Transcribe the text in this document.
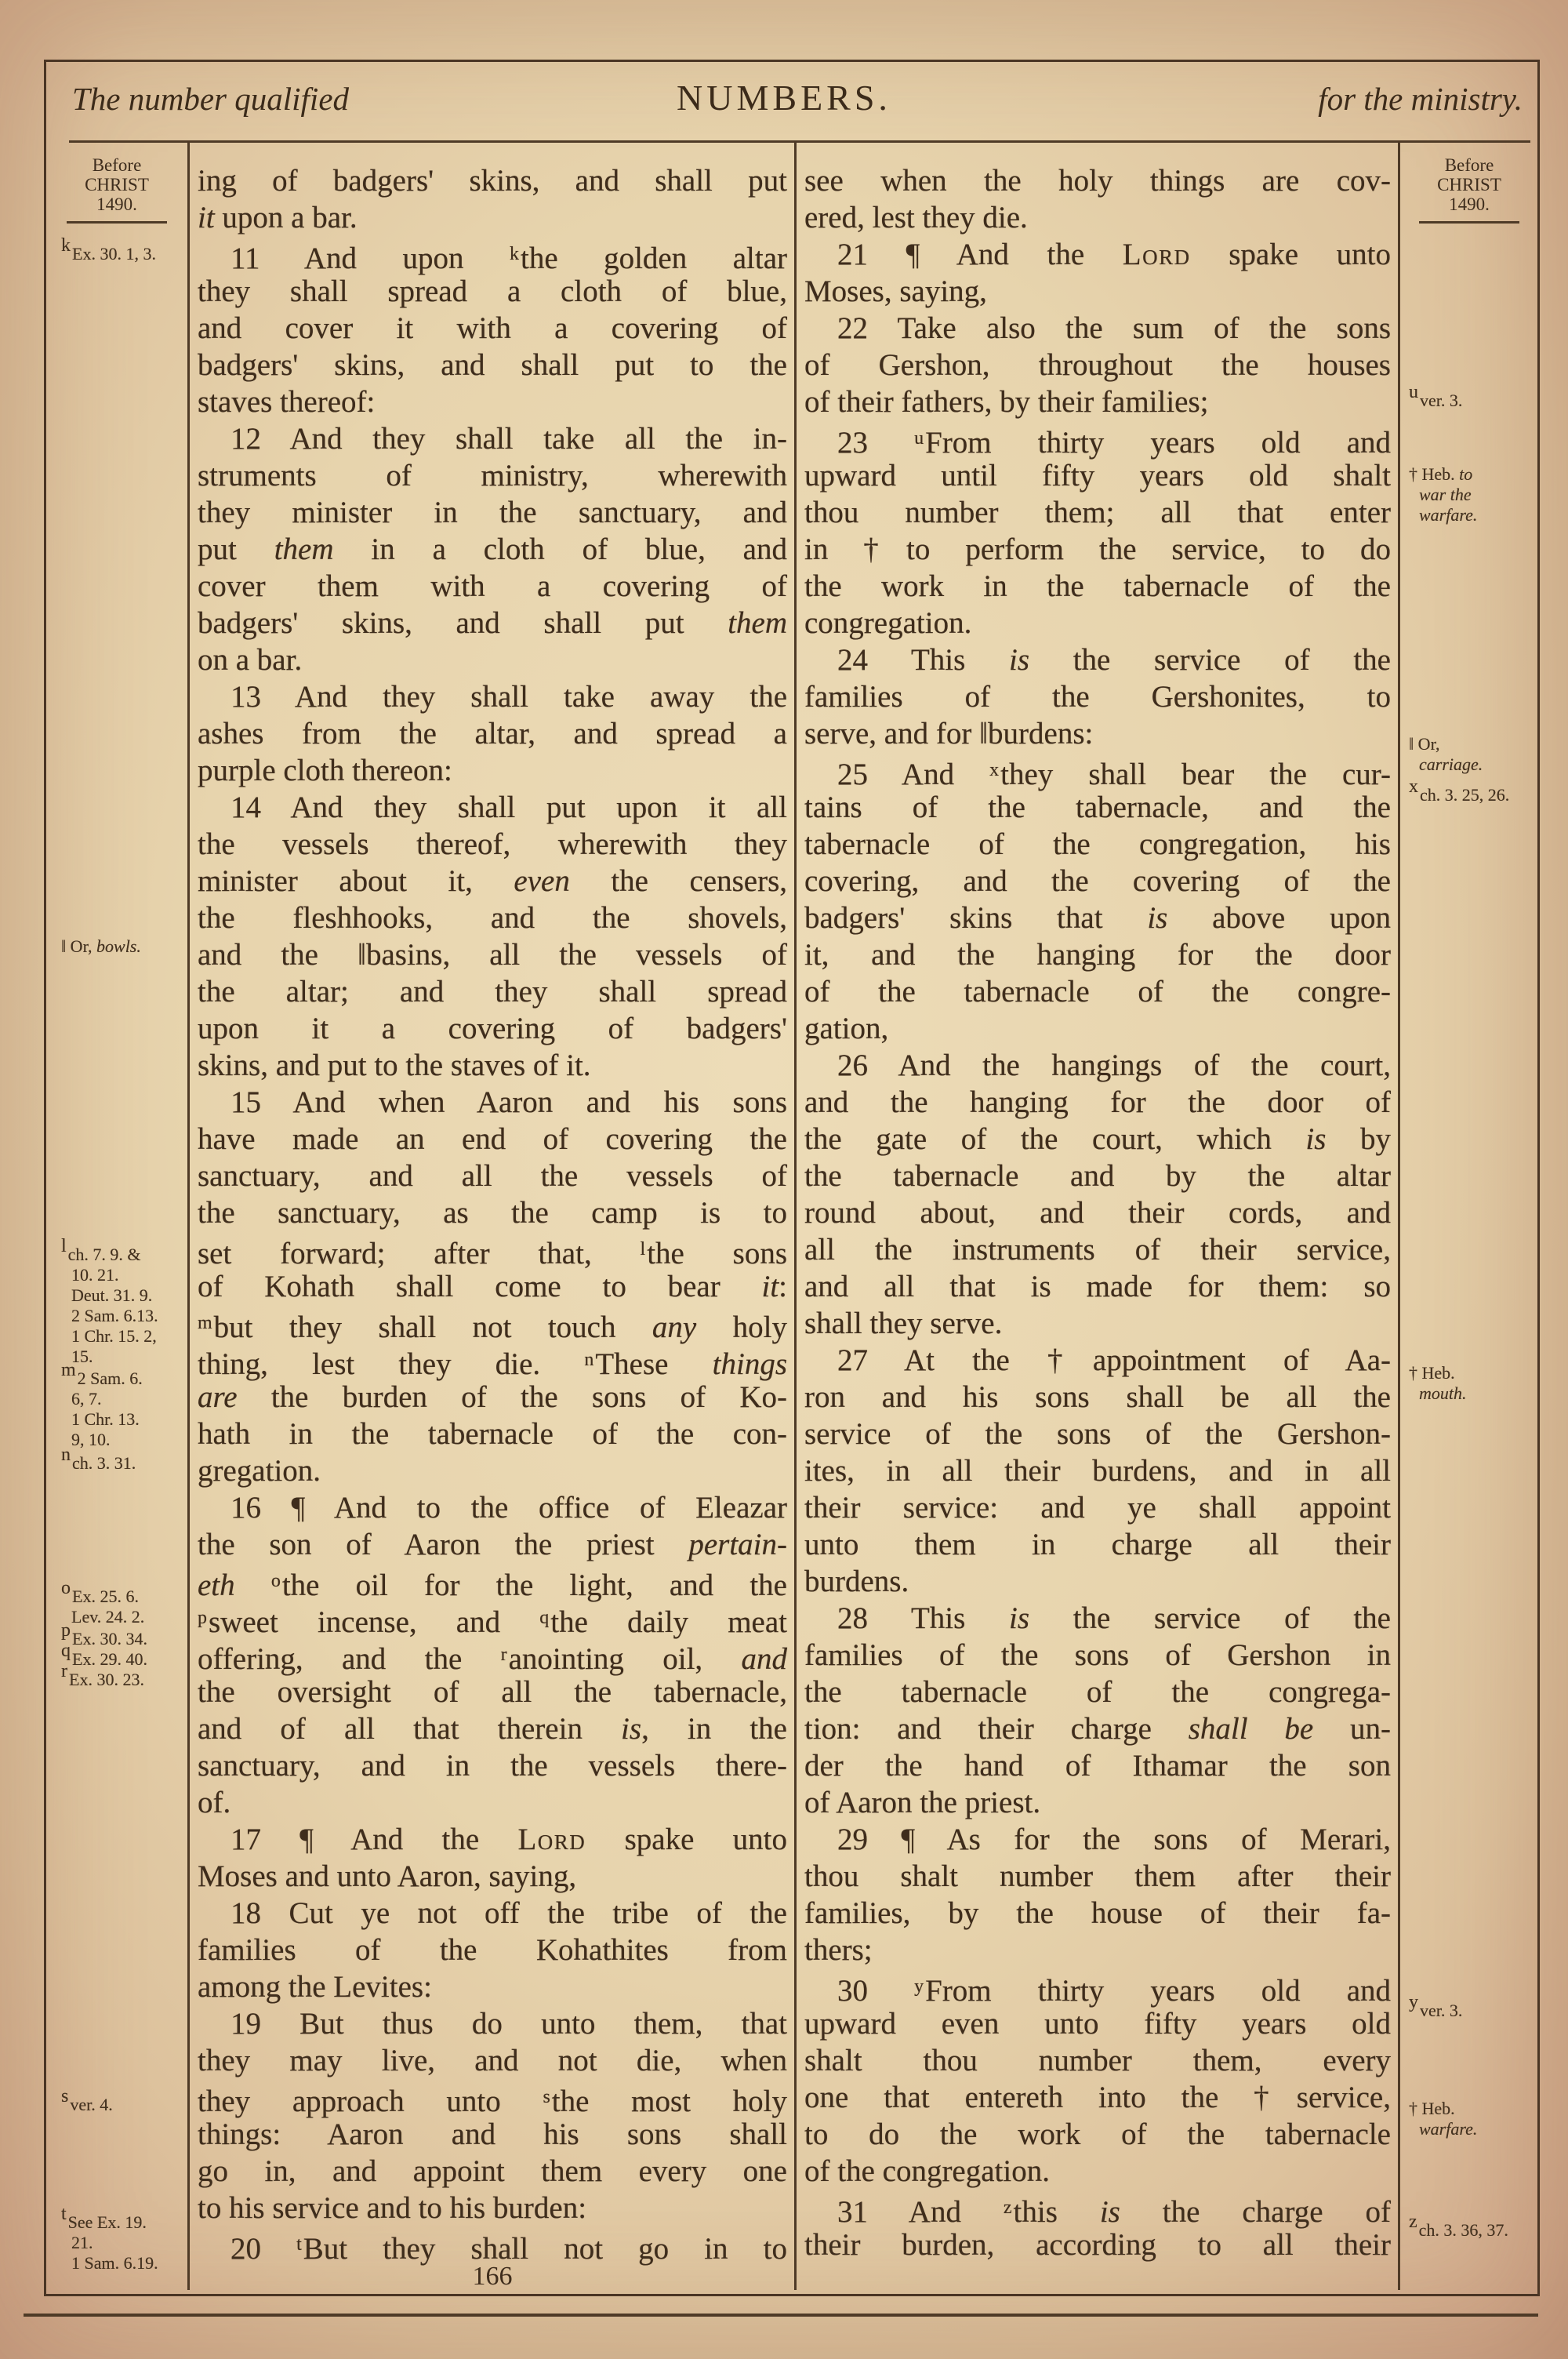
The number qualified	NUMBERS.	for the ministry.
Before
CHRIST
1490.
Before
CHRIST
1490.
ing of badgers' skins, and shall put
it upon a bar.
11 And upon $^k$the golden altar
they shall spread a cloth of blue,
and cover it with a covering of
badgers' skins, and shall put to the
staves thereof:
12 And they shall take all the in-
struments of ministry, wherewith
they minister in the sanctuary, and
put them in a cloth of blue, and
cover them with a covering of
badgers' skins, and shall put them
on a bar.
13 And they shall take away the
ashes from the altar, and spread a
purple cloth thereon:
14 And they shall put upon it all
the vessels thereof, wherewith they
minister about it, even the censers,
the fleshhooks, and the shovels,
and the ‖basins, all the vessels of
the altar; and they shall spread
upon it a covering of badgers'
skins, and put to the staves of it.
15 And when Aaron and his sons
have made an end of covering the
sanctuary, and all the vessels of
the sanctuary, as the camp is to
set forward; after that, $^l$the sons
of Kohath shall come to bear it:
$^m$but they shall not touch any holy
thing, lest they die. $^n$These things
are the burden of the sons of Ko-
hath in the tabernacle of the con-
gregation.
16 ¶ And to the office of Eleazar
the son of Aaron the priest pertain-
eth $^o$the oil for the light, and the
$^p$sweet incense, and $^q$the daily meat
offering, and the $^r$anointing oil, and
the oversight of all the tabernacle,
and of all that therein is, in the
sanctuary, and in the vessels there-
of.
17 ¶ And the Lord spake unto
Moses and unto Aaron, saying,
18 Cut ye not off the tribe of the
families of the Kohathites from
among the Levites:
19 But thus do unto them, that
they may live, and not die, when
they approach unto $^s$the most holy
things: Aaron and his sons shall
go in, and appoint them every one
to his service and to his burden:
20 $^t$But they shall not go in to
see when the holy things are cov-
ered, lest they die.
21 ¶ And the Lord spake unto
Moses, saying,
22 Take also the sum of the sons
of Gershon, throughout the houses
of their fathers, by their families;
23 $^u$From thirty years old and
upward until fifty years old shalt
thou number them; all that enter
in †to perform the service, to do
the work in the tabernacle of the
congregation.
24 This is the service of the
families of the Gershonites, to
serve, and for ‖burdens:
25 And $^x$they shall bear the cur-
tains of the tabernacle, and the
tabernacle of the congregation, his
covering, and the covering of the
badgers' skins that is above upon
it, and the hanging for the door
of the tabernacle of the congre-
gation,
26 And the hangings of the court,
and the hanging for the door of
the gate of the court, which is by
the tabernacle and by the altar
round about, and their cords, and
all the instruments of their service,
and all that is made for them: so
shall they serve.
27 At the †appointment of Aa-
ron and his sons shall be all the
service of the sons of the Gershon-
ites, in all their burdens, and in all
their service: and ye shall appoint
unto them in charge all their
burdens.
28 This is the service of the
families of the sons of Gershon in
the tabernacle of the congrega-
tion: and their charge shall be un-
der the hand of Ithamar the son
of Aaron the priest.
29 ¶ As for the sons of Merari,
thou shalt number them after their
families, by the house of their fa-
thers;
30 $^y$From thirty years old and
upward even unto fifty years old
shalt thou number them, every
one that entereth into the †service,
to do the work of the tabernacle
of the congregation.
31 And $^z$this is the charge of
their burden, according to all their
kEx. 30. 1, 3.
‖ Or, bowls.
lch. 7. 9. &
10. 21.
Deut. 31. 9.
2 Sam. 6.13.
1 Chr. 15. 2,
15.
m2 Sam. 6.
6, 7.
1 Chr. 13.
9, 10.
nch. 3. 31.
oEx. 25. 6.
Lev. 24. 2.
pEx. 30. 34.
qEx. 29. 40.
rEx. 30. 23.
sver. 4.
tSee Ex. 19.
21.
1 Sam. 6.19.
uver. 3.
† Heb. to
war the
warfare.
‖ Or,
carriage.
xch. 3. 25, 26.
† Heb.
mouth.
yver. 3.
† Heb.
warfare.
zch. 3. 36, 37.
166
